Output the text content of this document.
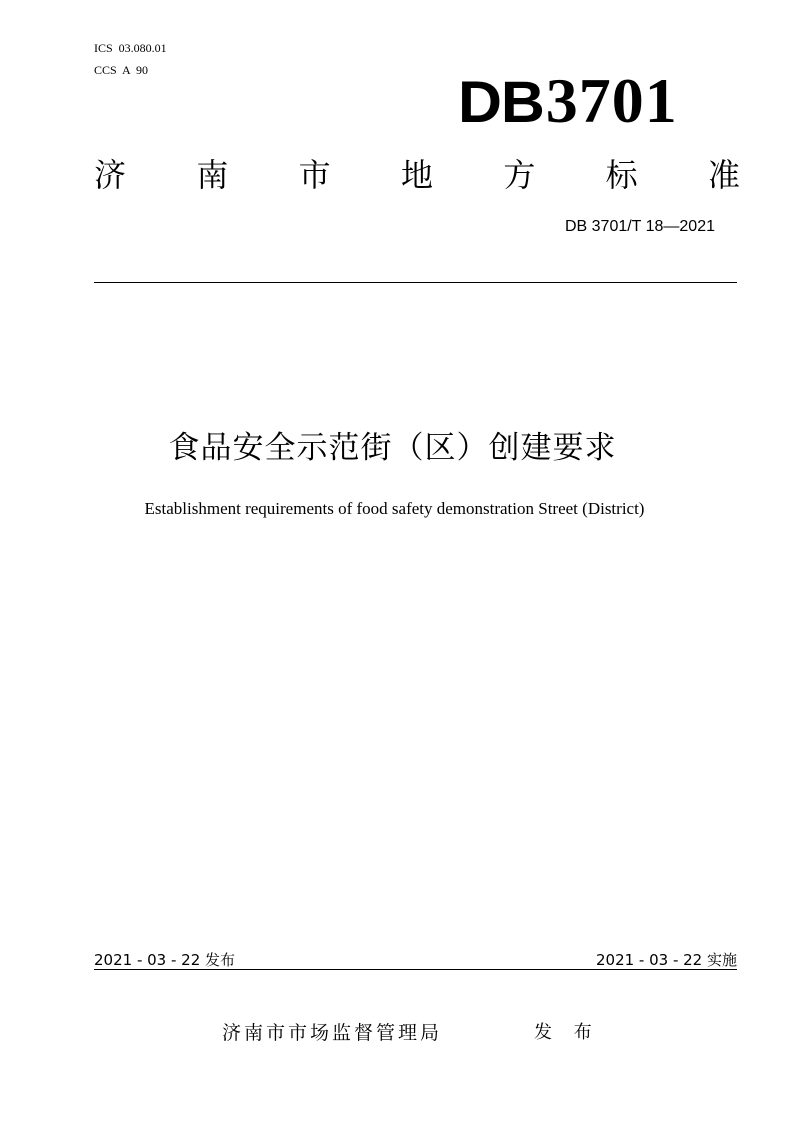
ICS  03.080.01
CCS  A  90	DB3701
济 南 市 地 方 标 准
DB 3701/T 18—2021
食品安全示范街（区）创建要求
Establishment requirements of food safety demonstration Street (District)
2021 - 03 - 22 发布	2021 - 03 - 22 实施
济南市市场监督管理局	发 布
